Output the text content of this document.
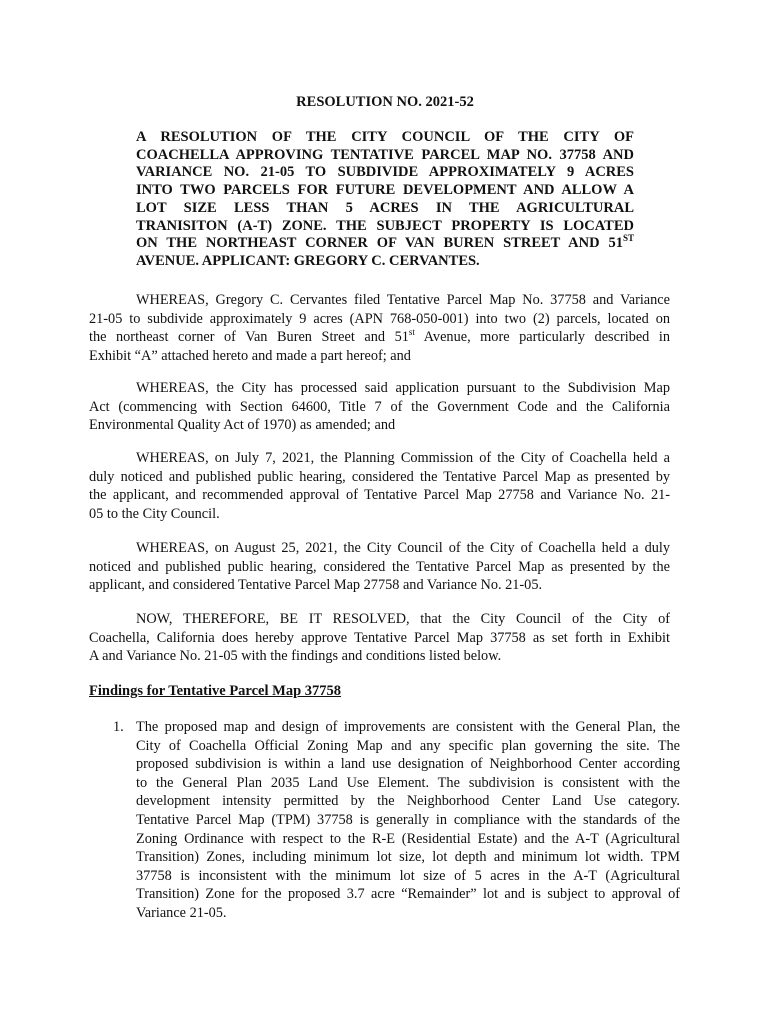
RESOLUTION NO. 2021-52
A RESOLUTION OF THE CITY COUNCIL OF THE CITY OF
COACHELLA APPROVING TENTATIVE PARCEL MAP NO. 37758 AND
VARIANCE NO. 21-05 TO SUBDIVIDE APPROXIMATELY 9 ACRES
INTO TWO PARCELS FOR FUTURE DEVELOPMENT AND ALLOW A
LOT SIZE LESS THAN 5 ACRES IN THE AGRICULTURAL
TRANISITON (A-T) ZONE. THE SUBJECT PROPERTY IS LOCATED
ON THE NORTHEAST CORNER OF VAN BUREN STREET AND 51ST
AVENUE. APPLICANT: GREGORY C. CERVANTES.
WHEREAS, Gregory C. Cervantes filed Tentative Parcel Map No. 37758 and Variance
21-05 to subdivide approximately 9 acres (APN 768-050-001) into two (2) parcels, located on
the northeast corner of Van Buren Street and 51st Avenue, more particularly described in
Exhibit “A” attached hereto and made a part hereof; and
WHEREAS, the City has processed said application pursuant to the Subdivision Map
Act (commencing with Section 64600, Title 7 of the Government Code and the California
Environmental Quality Act of 1970) as amended; and
WHEREAS, on July 7, 2021, the Planning Commission of the City of Coachella held a
duly noticed and published public hearing, considered the Tentative Parcel Map as presented by
the applicant, and recommended approval of Tentative Parcel Map 27758 and Variance No. 21-
05 to the City Council.
WHEREAS, on August 25, 2021, the City Council of the City of Coachella held a duly
noticed and published public hearing, considered the Tentative Parcel Map as presented by the
applicant, and considered Tentative Parcel Map 27758 and Variance No. 21-05.
NOW, THEREFORE, BE IT RESOLVED, that the City Council of the City of
Coachella, California does hereby approve Tentative Parcel Map 37758 as set forth in Exhibit
A and Variance No. 21-05 with the findings and conditions listed below.
Findings for Tentative Parcel Map 37758
1. The proposed map and design of improvements are consistent with the General Plan, the
City of Coachella Official Zoning Map and any specific plan governing the site. The
proposed subdivision is within a land use designation of Neighborhood Center according
to the General Plan 2035 Land Use Element. The subdivision is consistent with the
development intensity permitted by the Neighborhood Center Land Use category.
Tentative Parcel Map (TPM) 37758 is generally in compliance with the standards of the
Zoning Ordinance with respect to the R-E (Residential Estate) and the A-T (Agricultural
Transition) Zones, including minimum lot size, lot depth and minimum lot width. TPM
37758 is inconsistent with the minimum lot size of 5 acres in the A-T (Agricultural
Transition) Zone for the proposed 3.7 acre “Remainder” lot and is subject to approval of
Variance 21-05.
